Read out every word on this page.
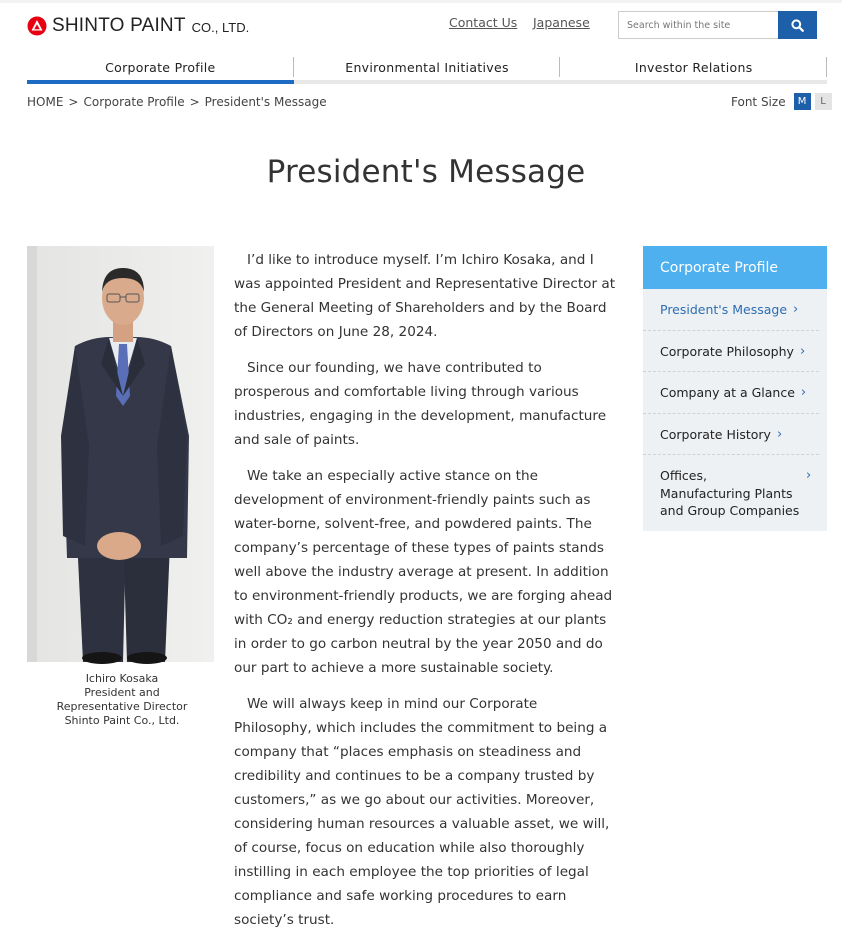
SHINTO PAINT CO., LTD.	Contact Us Japanese
Search within the site
Corporate Profile	Environmental Initiatives	Investor Relations
HOME > Corporate Profile > President's Message	Font Size	M	L
President's Message
Ichiro Kosaka
President and
Representative Director
Shinto Paint Co., Ltd.

I’d like to introduce myself. I’m Ichiro Kosaka, and I was appointed President and Representative Director at the General Meeting of Shareholders and by the Board of Directors on June 28, 2024.

Since our founding, we have contributed to prosperous and comfortable living through various industries, engaging in the development, manufacture and sale of paints.

We take an especially active stance on the development of environment-friendly paints such as water-borne, solvent-free, and powdered paints. The company’s percentage of these types of paints stands well above the industry average at present. In addition to environment-friendly products, we are forging ahead with CO₂ and energy reduction strategies at our plants in order to go carbon neutral by the year 2050 and do our part to achieve a more sustainable society.

We will always keep in mind our Corporate Philosophy, which includes the commitment to being a company that “places emphasis on steadiness and credibility and continues to be a company trusted by customers,” as we go about our activities. Moreover, considering human resources a valuable asset, we will, of course, focus on education while also thoroughly instilling in each employee the top priorities of legal compliance and safe working procedures to earn society’s trust.

Corporate Profile
President's Message ›
Corporate Philosophy ›
Company at a Glance ›
Corporate History ›
Offices, Manufacturing Plants and Group Companies
›
